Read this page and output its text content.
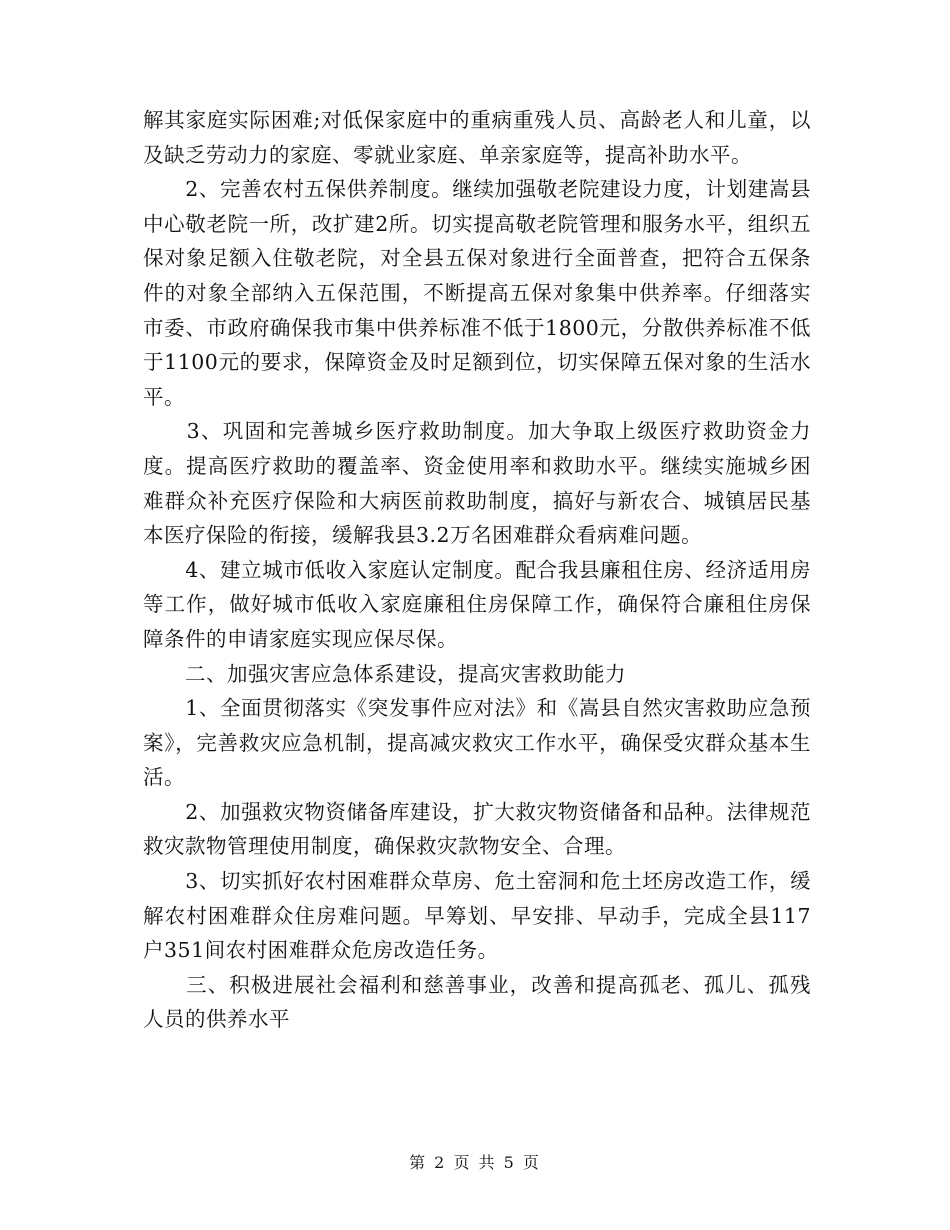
解其家庭实际困难;对低保家庭中的重病重残人员、高龄老人和儿童，以及缺乏劳动力的家庭、零就业家庭、单亲家庭等，提高补助水平。

　　2、完善农村五保供养制度。继续加强敬老院建设力度，计划建嵩县中心敬老院一所，改扩建2所。切实提高敬老院管理和服务水平，组织五保对象足额入住敬老院，对全县五保对象进行全面普查，把符合五保条件的对象全部纳入五保范围，不断提高五保对象集中供养率。仔细落实市委、市政府确保我市集中供养标准不低于1800元，分散供养标准不低于1100元的要求，保障资金及时足额到位，切实保障五保对象的生活水平。

　　3、巩固和完善城乡医疗救助制度。加大争取上级医疗救助资金力度。提高医疗救助的覆盖率、资金使用率和救助水平。继续实施城乡困难群众补充医疗保险和大病医前救助制度，搞好与新农合、城镇居民基本医疗保险的衔接，缓解我县3.2万名困难群众看病难问题。

　　4、建立城市低收入家庭认定制度。配合我县廉租住房、经济适用房等工作，做好城市低收入家庭廉租住房保障工作，确保符合廉租住房保障条件的申请家庭实现应保尽保。

　　二、加强灾害应急体系建设，提高灾害救助能力

　　1、全面贯彻落实《突发事件应对法》和《嵩县自然灾害救助应急预案》，完善救灾应急机制，提高减灾救灾工作水平，确保受灾群众基本生活。

　　2、加强救灾物资储备库建设，扩大救灾物资储备和品种。法律规范救灾款物管理使用制度，确保救灾款物安全、合理。

　　3、切实抓好农村困难群众草房、危土窑洞和危土坯房改造工作，缓解农村困难群众住房难问题。早筹划、早安排、早动手，完成全县117户351间农村困难群众危房改造任务。

　　三、积极进展社会福利和慈善事业，改善和提高孤老、孤儿、孤残人员的供养水平

第 2 页 共 5 页
